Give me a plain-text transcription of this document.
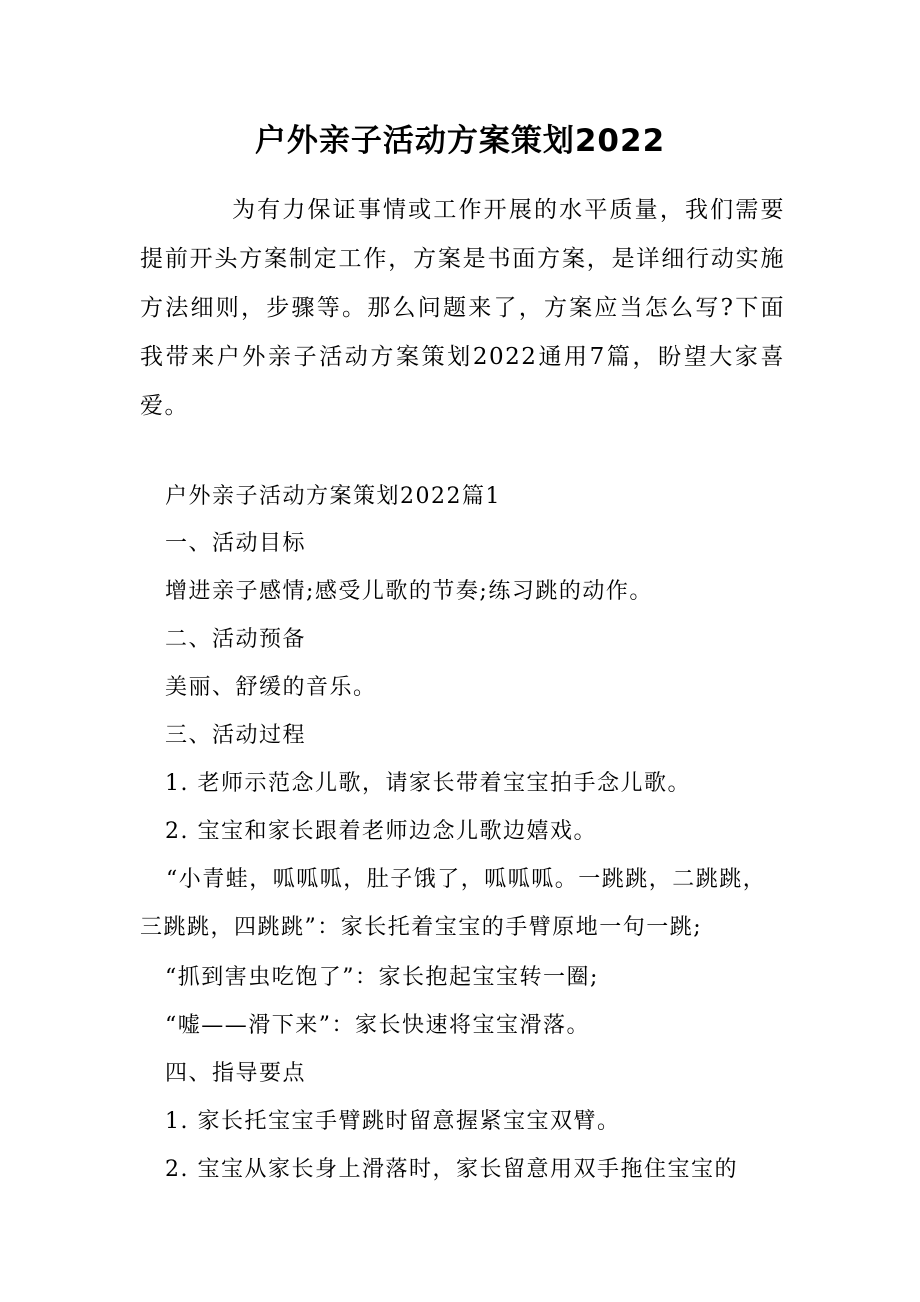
户外亲子活动方案策划2022

为有力保证事情或工作开展的水平质量，我们需要提前开头方案制定工作，方案是书面方案，是详细行动实施方法细则，步骤等。那么问题来了，方案应当怎么写?下面我带来户外亲子活动方案策划2022通用7篇，盼望大家喜爱。

户外亲子活动方案策划2022篇1
一、活动目标
增进亲子感情;感受儿歌的节奏;练习跳的动作。
二、活动预备
美丽、舒缓的音乐。
三、活动过程
1. 老师示范念儿歌，请家长带着宝宝拍手念儿歌。
2. 宝宝和家长跟着老师边念儿歌边嬉戏。

“小青蛙，呱呱呱，肚子饿了，呱呱呱。一跳跳，二跳跳，三跳跳，四跳跳”：家长托着宝宝的手臂原地一句一跳;

“抓到害虫吃饱了”：家长抱起宝宝转一圈;
“嘘——滑下来”：家长快速将宝宝滑落。
四、指导要点
1. 家长托宝宝手臂跳时留意握紧宝宝双臂。
2. 宝宝从家长身上滑落时，家长留意用双手拖住宝宝的
